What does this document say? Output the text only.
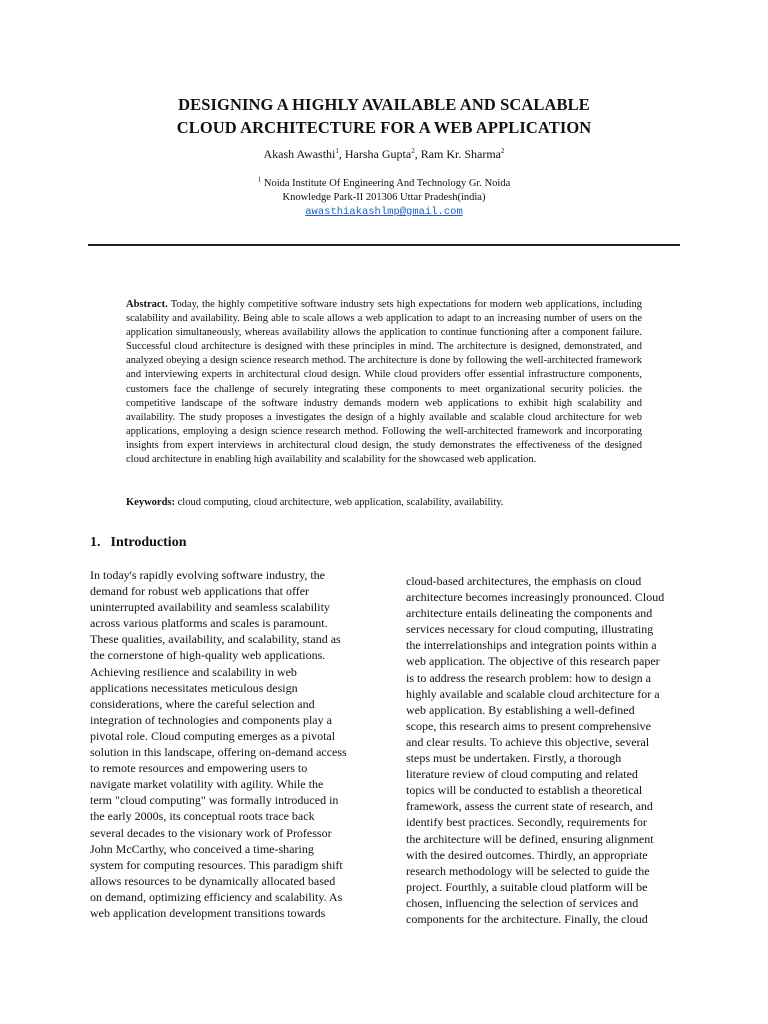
DESIGNING A HIGHLY AVAILABLE AND SCALABLE
CLOUD ARCHITECTURE FOR A WEB APPLICATION
Akash Awasthi$^1$, Harsha Gupta$^2$, Ram Kr. Sharma$^2$
$^1$ Noida Institute Of Engineering And Technology Gr. Noida
Knowledge Park-II 201306 Uttar Pradesh(india)
awasthiakashlmp@gmail.com
Abstract. Today, the highly competitive software industry sets high expectations for modern web applications, including scalability and availability. Being able to scale allows a web application to adapt to an increasing number of users on the application simultaneously, whereas availability allows the application to continue functioning after a component failure. Successful cloud architecture is designed with these principles in mind. The architecture is designed, demonstrated, and analyzed obeying a design science research method. The architecture is done by following the well-architected framework and interviewing experts in architectural cloud design. While cloud providers offer essential infrastructure components, customers face the challenge of securely integrating these components to meet organizational security policies. the competitive landscape of the software industry demands modern web applications to exhibit high scalability and availability. The study proposes a investigates the design of a highly available and scalable cloud architecture for web applications, employing a design science research method. Following the well-architected framework and incorporating insights from expert interviews in architectural cloud design, the study demonstrates the effectiveness of the designed cloud architecture in enabling high availability and scalability for the showcased web application.
Keywords: cloud computing, cloud architecture, web application, scalability, availability.
1. Introduction
In today's rapidly evolving software industry, the
demand for robust web applications that offer
uninterrupted availability and seamless scalability
across various platforms and scales is paramount.
These qualities, availability, and scalability, stand as
the cornerstone of high-quality web applications.
Achieving resilience and scalability in web
applications necessitates meticulous design
considerations, where the careful selection and
integration of technologies and components play a
pivotal role. Cloud computing emerges as a pivotal
solution in this landscape, offering on-demand access
to remote resources and empowering users to
navigate market volatility with agility. While the
term "cloud computing" was formally introduced in
the early 2000s, its conceptual roots trace back
several decades to the visionary work of Professor
John McCarthy, who conceived a time-sharing
system for computing resources. This paradigm shift
allows resources to be dynamically allocated based
on demand, optimizing efficiency and scalability. As
web application development transitions towards
cloud-based architectures, the emphasis on cloud
architecture becomes increasingly pronounced. Cloud
architecture entails delineating the components and
services necessary for cloud computing, illustrating
the interrelationships and integration points within a
web application. The objective of this research paper
is to address the research problem: how to design a
highly available and scalable cloud architecture for a
web application. By establishing a well-defined
scope, this research aims to present comprehensive
and clear results. To achieve this objective, several
steps must be undertaken. Firstly, a thorough
literature review of cloud computing and related
topics will be conducted to establish a theoretical
framework, assess the current state of research, and
identify best practices. Secondly, requirements for
the architecture will be defined, ensuring alignment
with the desired outcomes. Thirdly, an appropriate
research methodology will be selected to guide the
project. Fourthly, a suitable cloud platform will be
chosen, influencing the selection of services and
components for the architecture. Finally, the cloud
